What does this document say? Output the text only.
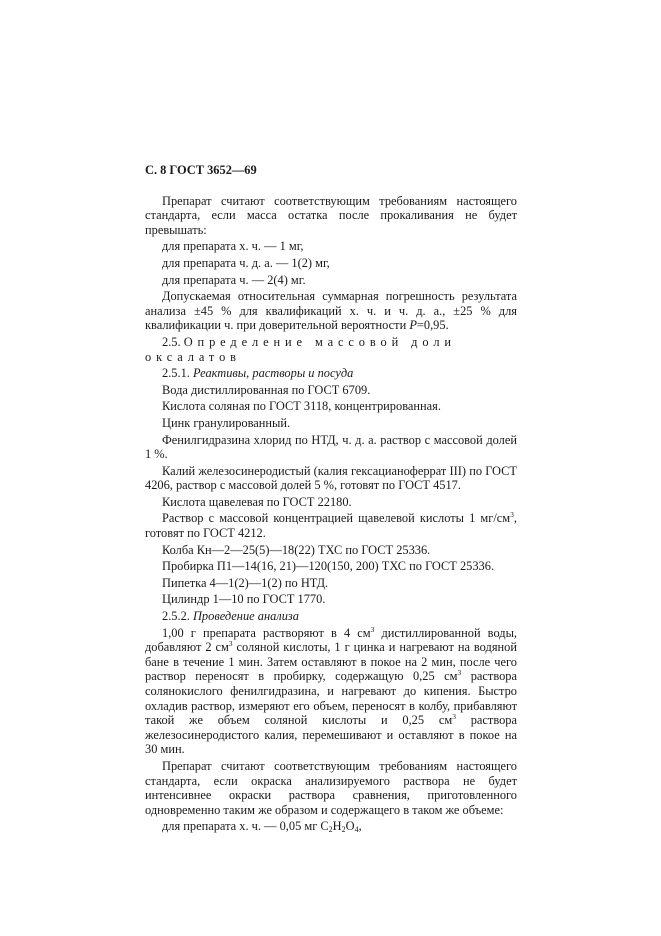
С. 8 ГОСТ 3652—69

Препарат считают соответствующим требованиям настоящего стандарта, если масса остатка после прокаливания не будет превышать:

для препарата х. ч. — 1 мг,

для препарата ч. д. а. — 1(2) мг,

для препарата ч. — 2(4) мг.

Допускаемая относительная суммарная погрешность результата анализа ±45 % для квалификаций х. ч. и ч. д. а., ±25 % для квалификации ч. при доверительной вероятности P=0,95.

2.5. Определение массовой доли оксалатов

2.5.1. Реактивы, растворы и посуда

Вода дистиллированная по ГОСТ 6709.

Кислота соляная по ГОСТ 3118, концентрированная.

Цинк гранулированный.

Фенилгидразина хлорид по НТД, ч. д. а. раствор с массовой долей 1 %.

Калий железосинеродистый (калия гексацианоферрат III) по ГОСТ 4206, раствор с массовой долей 5 %, готовят по ГОСТ 4517.

Кислота щавелевая по ГОСТ 22180.

Раствор с массовой концентрацией щавелевой кислоты 1 $мг/см^3$, готовят по ГОСТ 4212.

Колба Кн—2—25(5)—18(22) ТХС по ГОСТ 25336.

Пробирка П1—14(16, 21)—120(150, 200) ТХС по ГОСТ 25336.

Пипетка 4—1(2)—1(2) по НТД.

Цилиндр 1—10 по ГОСТ 1770.

2.5.2. Проведение анализа

1,00 г препарата растворяют в 4 $см^3$ дистиллированной воды, добавляют 2 $см^3$ соляной кислоты, 1 г цинка и нагревают на водяной бане в течение 1 мин. Затем оставляют в покое на 2 мин, после чего раствор переносят в пробирку, содержащую 0,25 $см^3$ раствора солянокислого фенилгидразина, и нагревают до кипения. Быстро охладив раствор, измеряют его объем, переносят в колбу, прибавляют такой же объем соляной кислоты и 0,25 $см^3$ раствора железосинеродистого калия, перемешивают и оставляют в покое на 30 мин.

Препарат считают соответствующим требованиям настоящего стандарта, если окраска анализируемого раствора не будет интенсивнее окраски раствора сравнения, приготовленного одновременно таким же образом и содержащего в таком же объеме:

для препарата х. ч. — 0,05 мг $C_2H_2O_4$,
